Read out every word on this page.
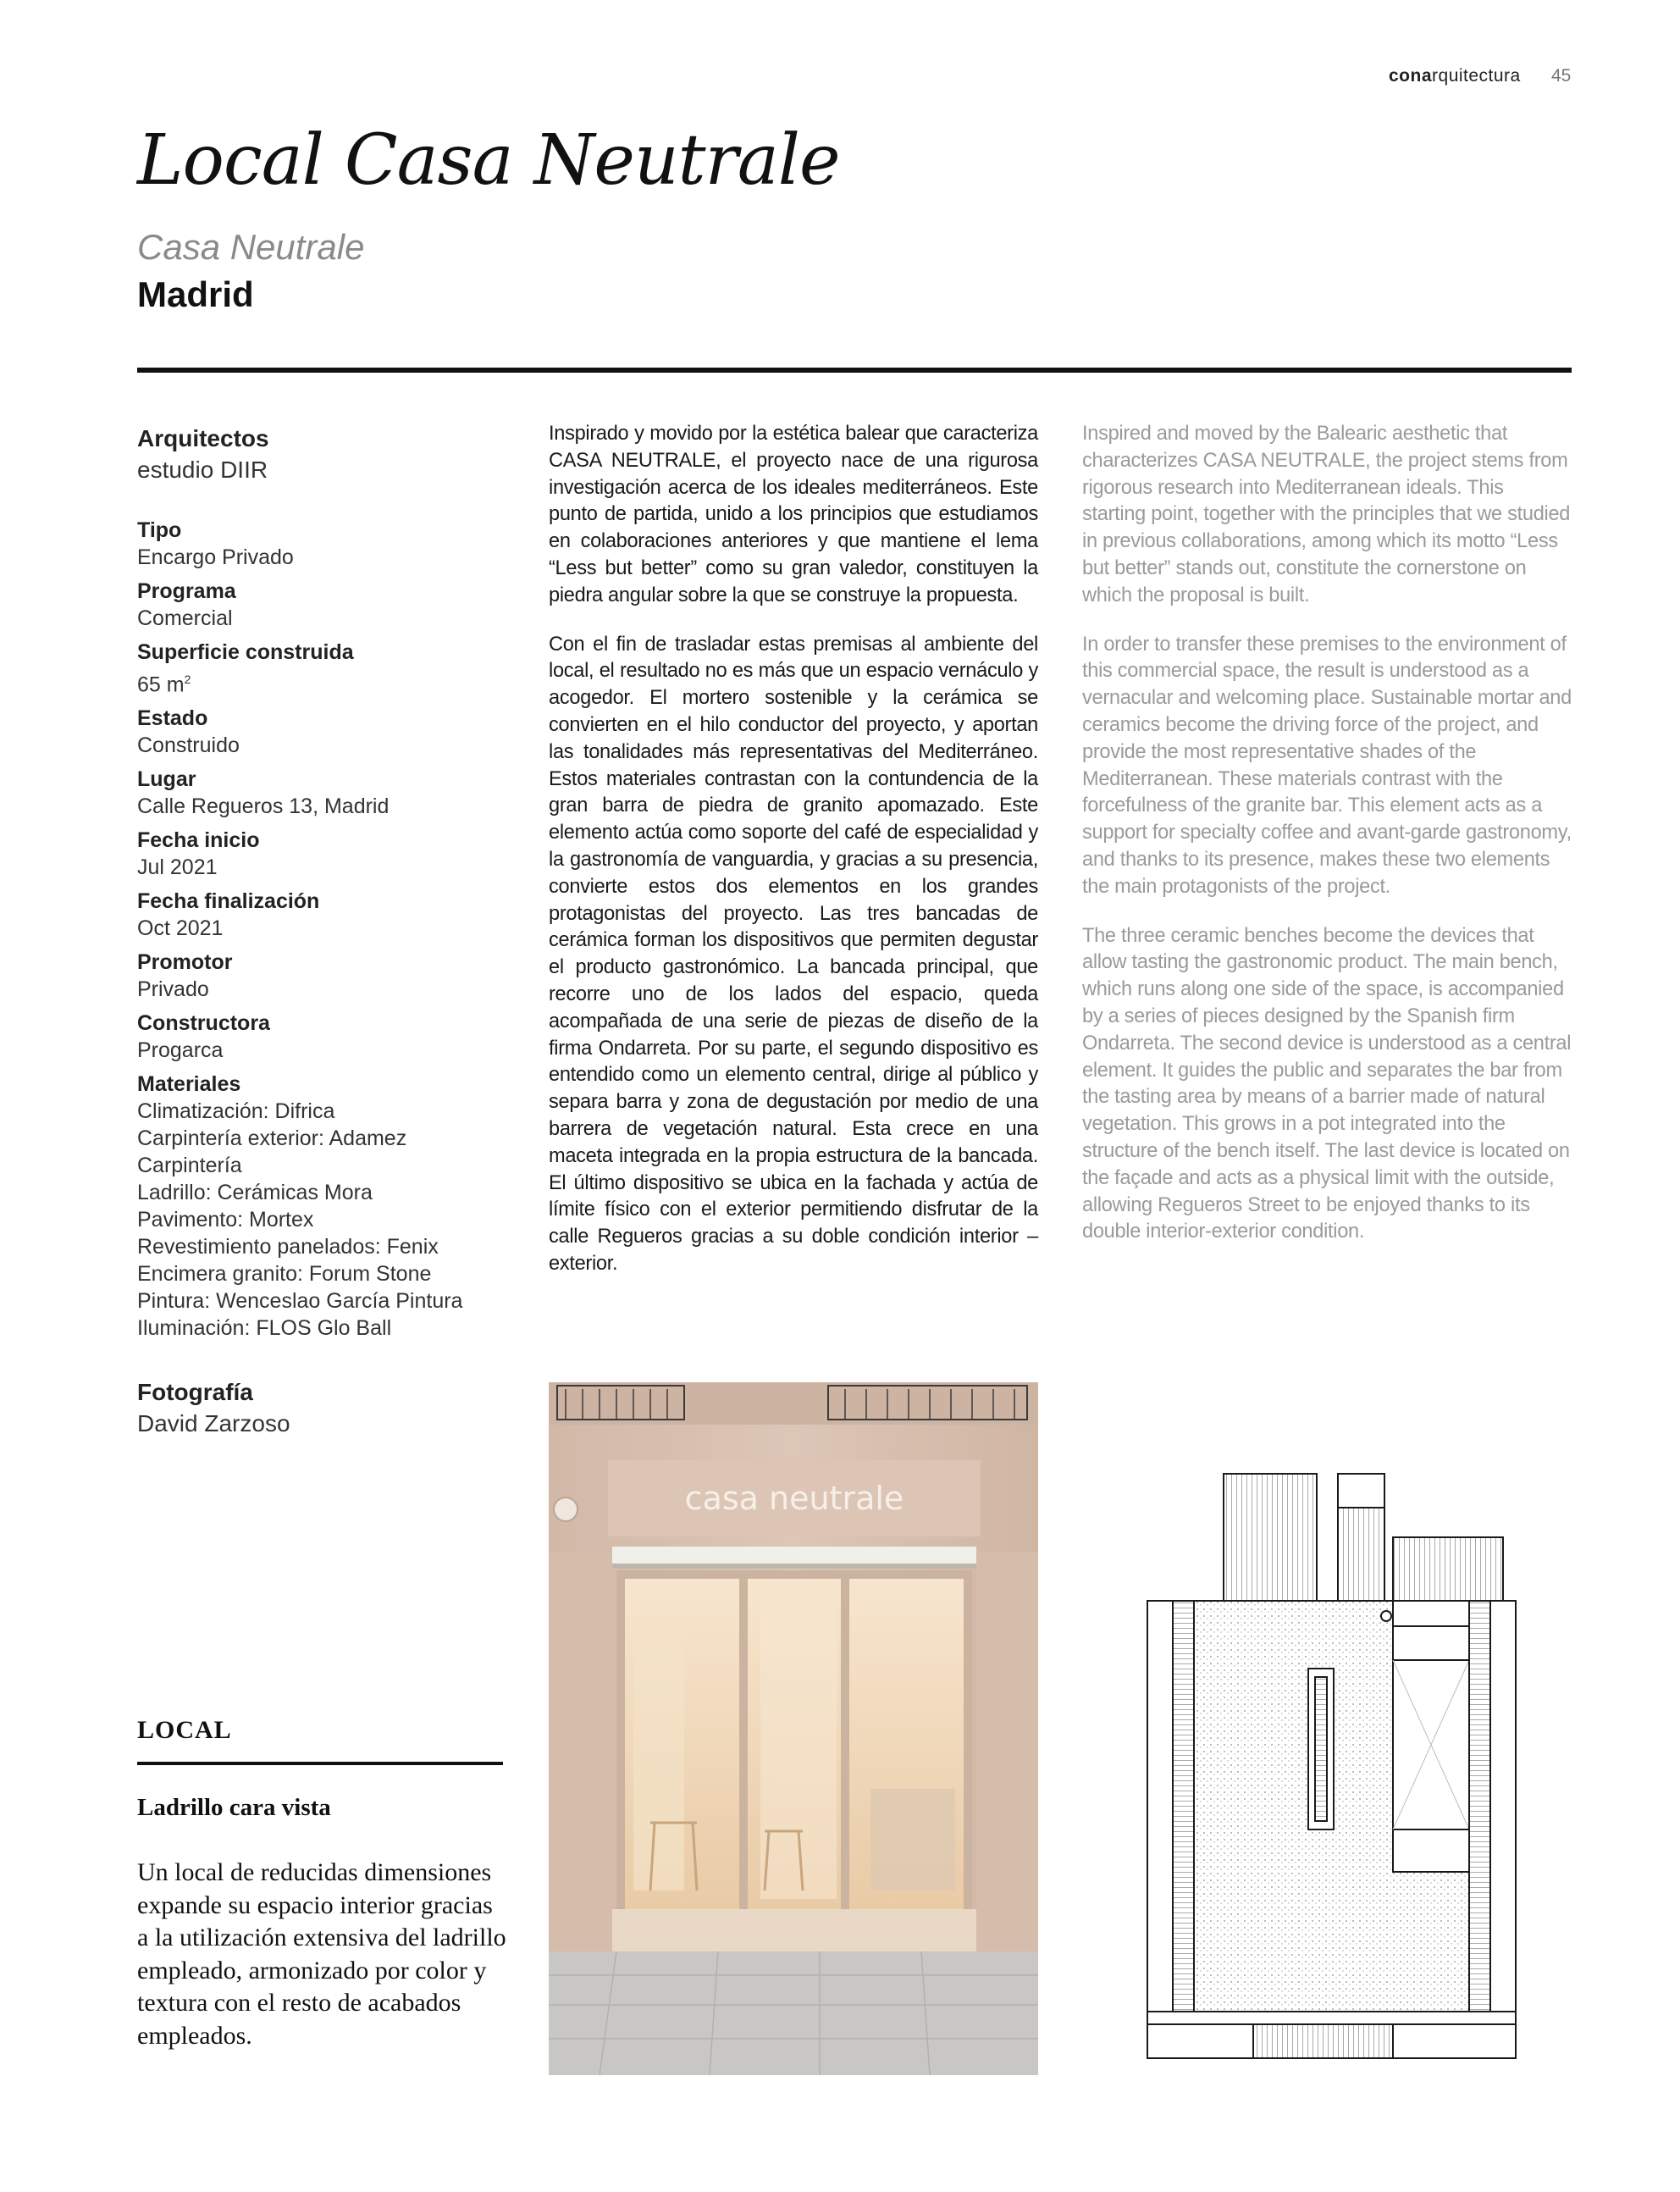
conarquitectura 45
Local Casa Neutrale
Casa Neutrale
Madrid
Arquitectos
estudio DIIR
Tipo
Encargo Privado
Programa
Comercial
Superficie construida
65 $m^2$
Estado
Construido
Lugar
Calle Regueros 13, Madrid
Fecha inicio
Jul 2021
Fecha finalización
Oct 2021
Promotor
Privado
Constructora
Progarca
Materiales
Climatización: Difrica
Carpintería exterior: Adamez
Carpintería
Ladrillo: Cerámicas Mora
Pavimento: Mortex
Revestimiento panelados: Fenix
Encimera granito: Forum Stone
Pintura: Wenceslao García Pintura
Iluminación: FLOS Glo Ball
Fotografía
David Zarzoso

Inspirado y movido por la estética balear que caracteriza CASA NEUTRALE, el proyecto nace de una rigurosa investigación acerca de los ideales mediterráneos. Este punto de partida, unido a los principios que estudiamos en colaboraciones anteriores y que mantiene el lema “Less but better” como su gran valedor, constituyen la piedra angular sobre la que se construye la propuesta.

Con el fin de trasladar estas premisas al ambiente del local, el resultado no es más que un espacio vernáculo y acogedor. El mortero sostenible y la cerámica se convierten en el hilo conductor del proyecto, y aportan las tonalidades más representativas del Mediterráneo. Estos materiales contrastan con la contundencia de la gran barra de piedra de granito apomazado. Este elemento actúa como soporte del café de especialidad y la gastronomía de vanguardia, y gracias a su presencia, convierte estos dos elementos en los grandes protagonistas del proyecto. Las tres bancadas de cerámica forman los dispositivos que permiten degustar el producto gastronómico. La bancada principal, que recorre uno de los lados del espacio, queda acompañada de una serie de piezas de diseño de la firma Ondarreta. Por su parte, el segundo dispositivo es entendido como un elemento central, dirige al público y separa barra y zona de degustación por medio de una barrera de vegetación natural. Esta crece en una maceta integrada en la propia estructura de la bancada. El último dispositivo se ubica en la fachada y actúa de límite físico con el exterior permitiendo disfrutar de la calle Regueros gracias a su doble condición interior – exterior.

Inspired and moved by the Balearic aesthetic that characterizes CASA NEUTRALE, the project stems from rigorous research into Mediterranean ideals. This starting point, together with the principles that we studied in previous collaborations, among which its motto “Less but better” stands out, constitute the cornerstone on which the proposal is built.

In order to transfer these premises to the environment of this commercial space, the result is understood as a vernacular and welcoming place. Sustainable mortar and ceramics become the driving force of the project, and provide the most representative shades of the Mediterranean. These materials contrast with the forcefulness of the granite bar. This element acts as a support for specialty coffee and avant-garde gastronomy, and thanks to its presence, makes these two elements the main protagonists of the project.

The three ceramic benches become the devices that allow tasting the gastronomic product. The main bench, which runs along one side of the space, is accompanied by a series of pieces designed by the Spanish firm Ondarreta. The second device is understood as a central element. It guides the public and separates the bar from the tasting area by means of a barrier made of natural vegetation. This grows in a pot integrated into the structure of the bench itself. The last device is located on the façade and acts as a physical limit with the outside, allowing Regueros Street to be enjoyed thanks to its double interior-exterior condition.

casa neutrale
LOCAL
Ladrillo cara vista
Un local de reducidas dimensiones expande su espacio interior gracias a la utilización extensiva del ladrillo empleado, armonizado por color y textura con el resto de acabados empleados.
